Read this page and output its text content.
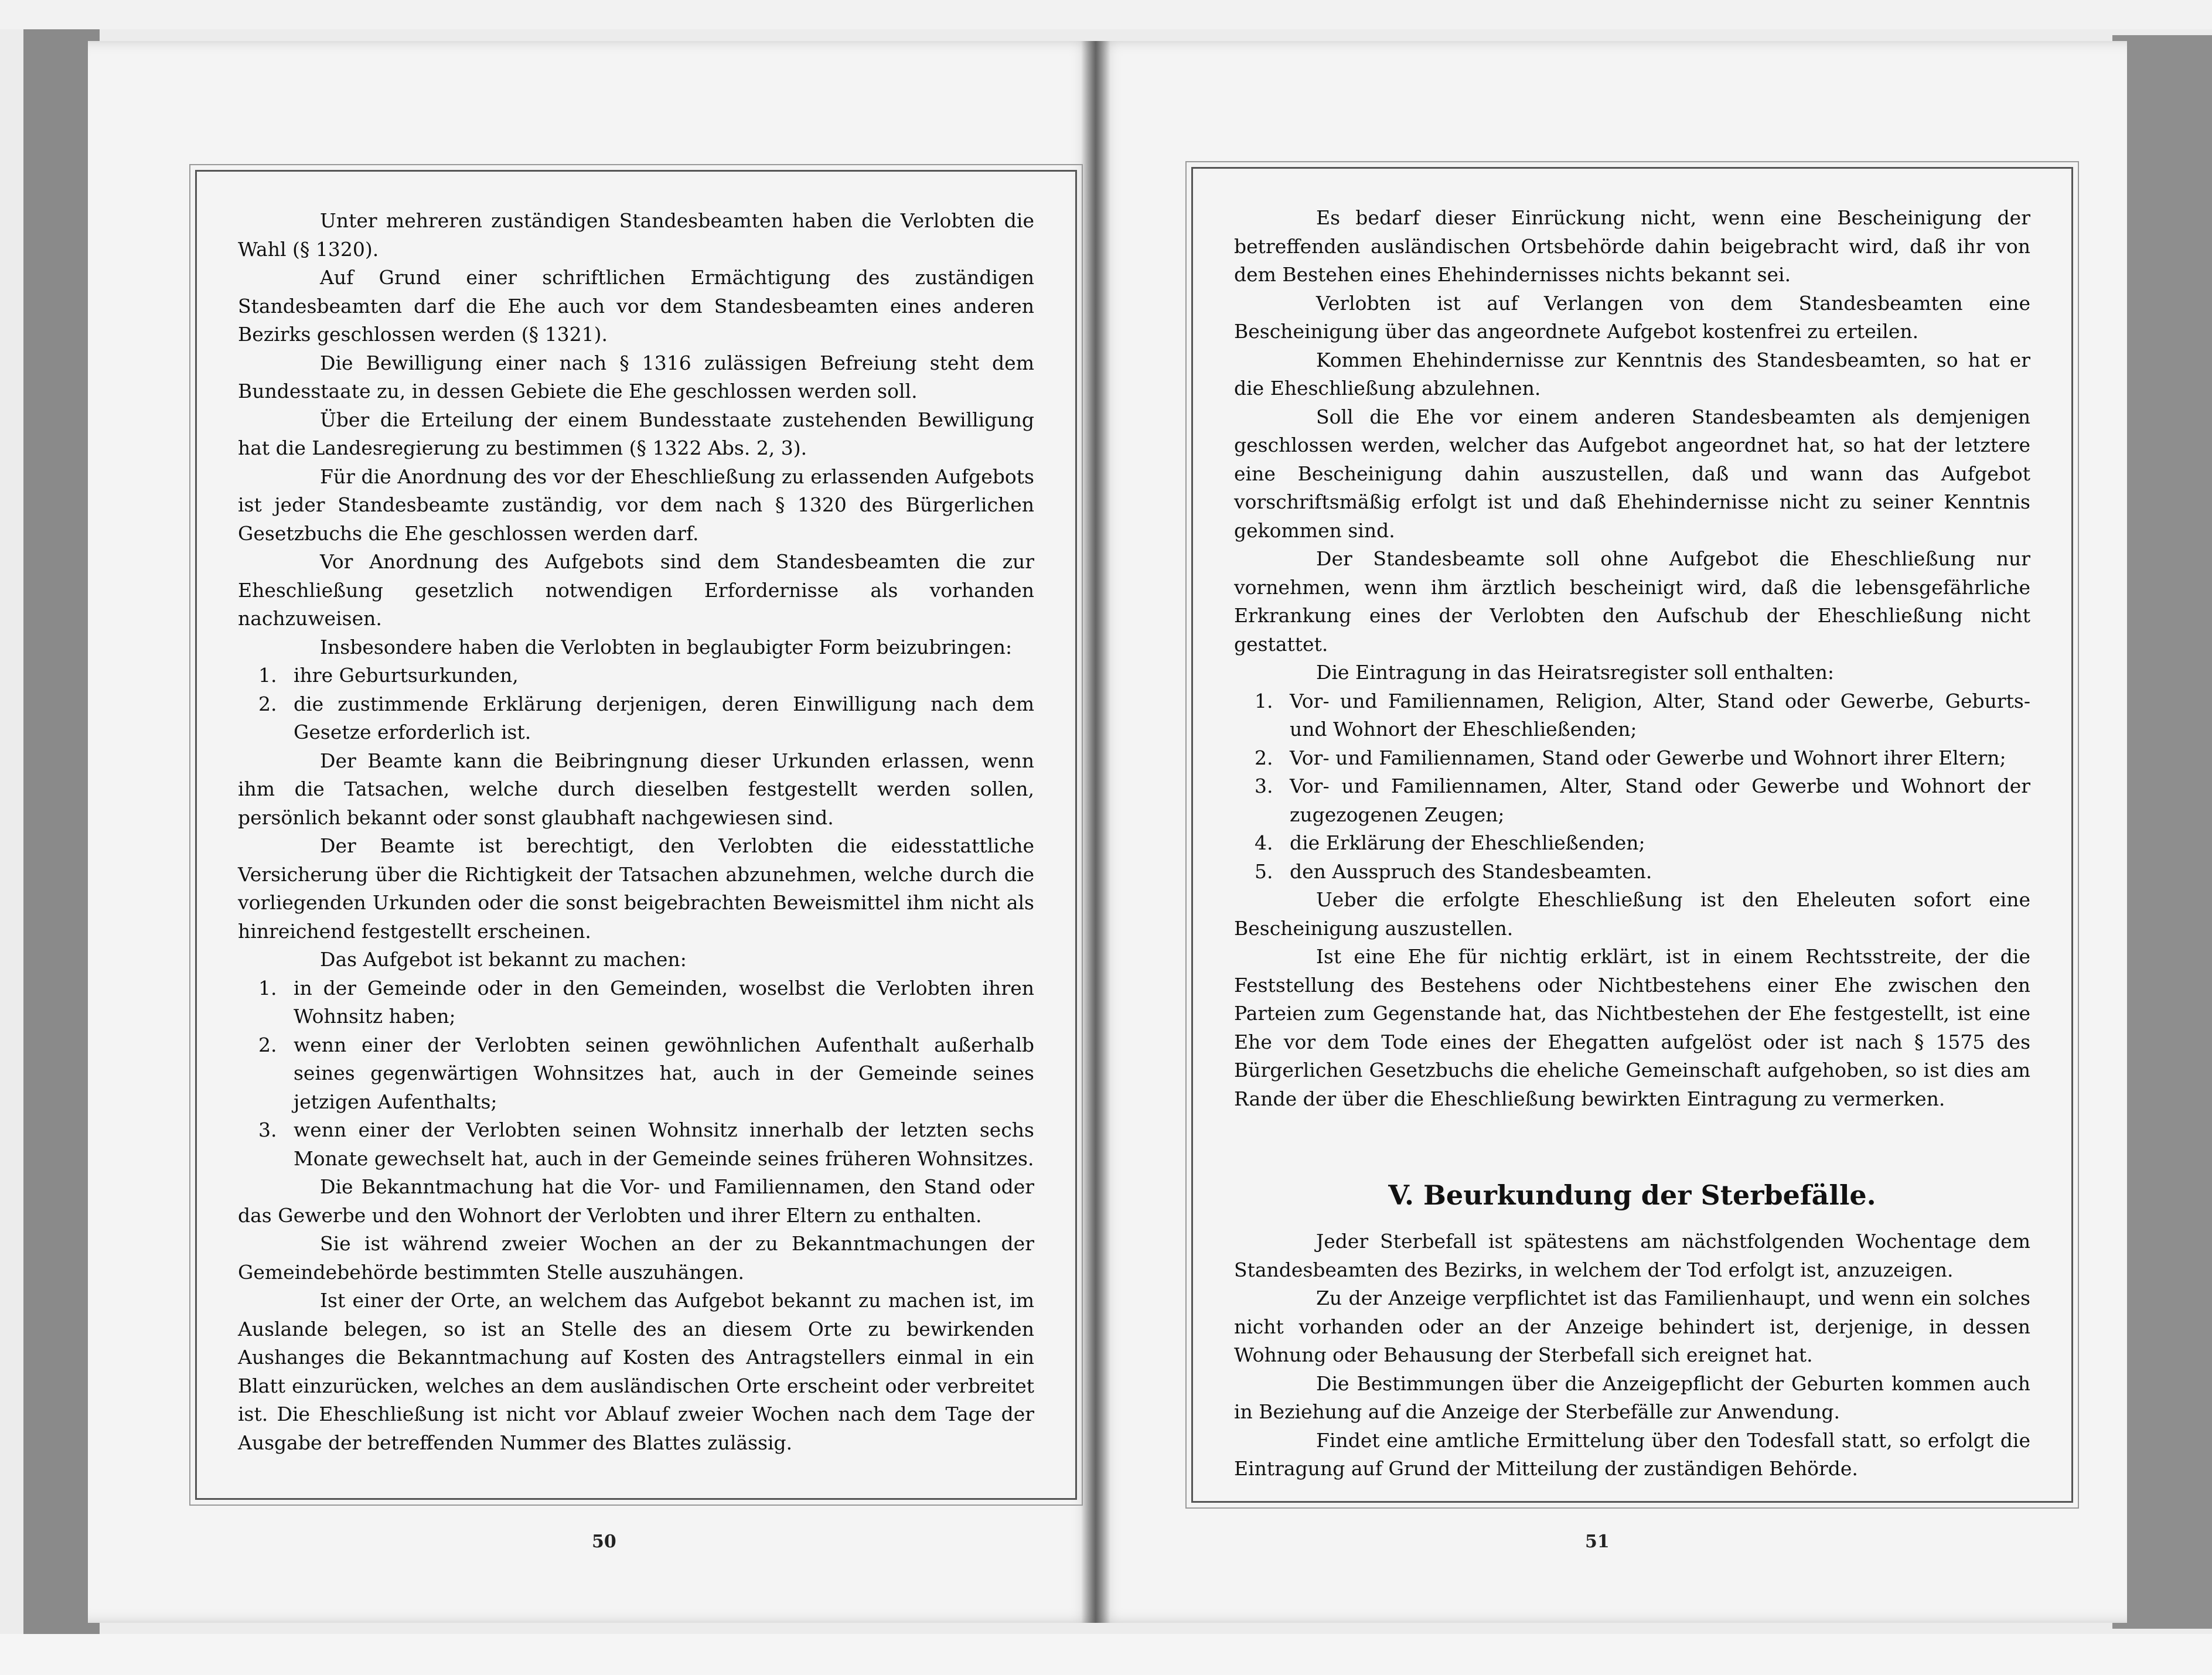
Unter mehreren zuständigen Standesbeamten haben die Verlobten die Wahl (§ 1320).

Auf Grund einer schriftlichen Ermächtigung des zuständigen Standesbeamten darf die Ehe auch vor dem Standesbeamten eines anderen Bezirks geschlossen werden (§ 1321).

Die Bewilligung einer nach § 1316 zulässigen Befreiung steht dem Bundesstaate zu, in dessen Gebiete die Ehe geschlossen werden soll.

Über die Erteilung der einem Bundesstaate zustehenden Bewilligung hat die Landesregierung zu bestimmen (§ 1322 Abs. 2, 3).

Für die Anordnung des vor der Eheschließung zu erlassenden Aufgebots ist jeder Standesbeamte zuständig, vor dem nach § 1320 des Bürgerlichen Gesetzbuchs die Ehe geschlossen werden darf.

Vor Anordnung des Aufgebots sind dem Standesbeamten die zur Eheschließung gesetzlich notwendigen Erfordernisse als vorhanden nachzuweisen.

Insbesondere haben die Verlobten in beglaubigter Form beizubringen:

1. ihre Geburtsurkunden,

2. die zustimmende Erklärung derjenigen, deren Einwilligung nach dem Gesetze erforderlich ist.

Der Beamte kann die Beibringnung dieser Urkunden erlassen, wenn ihm die Tatsachen, welche durch dieselben festgestellt werden sollen, persönlich bekannt oder sonst glaubhaft nachgewiesen sind.

Der Beamte ist berechtigt, den Verlobten die eidesstattliche Versicherung über die Richtigkeit der Tatsachen abzunehmen, welche durch die vorliegenden Urkunden oder die sonst beigebrachten Beweismittel ihm nicht als hinreichend festgestellt erscheinen.

Das Aufgebot ist bekannt zu machen:

1. in der Gemeinde oder in den Gemeinden, woselbst die Verlobten ihren Wohnsitz haben;

2. wenn einer der Verlobten seinen gewöhnlichen Aufenthalt außerhalb seines gegenwärtigen Wohnsitzes hat, auch in der Gemeinde seines jetzigen Aufenthalts;

3. wenn einer der Verlobten seinen Wohnsitz innerhalb der letzten sechs Monate gewechselt hat, auch in der Gemeinde seines früheren Wohnsitzes.

Die Bekanntmachung hat die Vor- und Familiennamen, den Stand oder das Gewerbe und den Wohnort der Verlobten und ihrer Eltern zu enthalten.

Sie ist während zweier Wochen an der zu Bekanntmachungen der Gemeindebehörde bestimmten Stelle auszuhängen.

Ist einer der Orte, an welchem das Aufgebot bekannt zu machen ist, im Auslande belegen, so ist an Stelle des an diesem Orte zu bewirkenden Aushanges die Bekanntmachung auf Kosten des Antragstellers einmal in ein Blatt einzurücken, welches an dem ausländischen Orte erscheint oder verbreitet ist. Die Eheschließung ist nicht vor Ablauf zweier Wochen nach dem Tage der Ausgabe der betreffenden Nummer des Blattes zulässig.

Es bedarf dieser Einrückung nicht, wenn eine Bescheinigung der betreffenden ausländischen Ortsbehörde dahin beigebracht wird, daß ihr von dem Bestehen eines Ehehindernisses nichts bekannt sei.

Verlobten ist auf Verlangen von dem Standesbeamten eine Bescheinigung über das angeordnete Aufgebot kostenfrei zu erteilen.

Kommen Ehehindernisse zur Kenntnis des Standesbeamten, so hat er die Eheschließung abzulehnen.

Soll die Ehe vor einem anderen Standesbeamten als demjenigen geschlossen werden, welcher das Aufgebot angeordnet hat, so hat der letztere eine Bescheinigung dahin auszustellen, daß und wann das Aufgebot vorschriftsmäßig erfolgt ist und daß Ehehindernisse nicht zu seiner Kenntnis gekommen sind.

Der Standesbeamte soll ohne Aufgebot die Eheschließung nur vornehmen, wenn ihm ärztlich bescheinigt wird, daß die lebensgefährliche Erkrankung eines der Verlobten den Aufschub der Eheschließung nicht gestattet.

Die Eintragung in das Heiratsregister soll enthalten:

1. Vor- und Familiennamen, Religion, Alter, Stand oder Gewerbe, Geburts- und Wohnort der Eheschließenden;

2. Vor- und Familiennamen, Stand oder Gewerbe und Wohnort ihrer Eltern;

3. Vor- und Familiennamen, Alter, Stand oder Gewerbe und Wohnort der zugezogenen Zeugen;

4. die Erklärung der Eheschließenden;

5. den Ausspruch des Standesbeamten.

Ueber die erfolgte Eheschließung ist den Eheleuten sofort eine Bescheinigung auszustellen.

Ist eine Ehe für nichtig erklärt, ist in einem Rechtsstreite, der die Feststellung des Bestehens oder Nichtbestehens einer Ehe zwischen den Parteien zum Gegenstande hat, das Nichtbestehen der Ehe festgestellt, ist eine Ehe vor dem Tode eines der Ehegatten aufgelöst oder ist nach § 1575 des Bürgerlichen Gesetzbuchs die eheliche Gemeinschaft aufgehoben, so ist dies am Rande der über die Eheschließung bewirkten Eintragung zu vermerken.

V. Beurkundung der Sterbefälle.

Jeder Sterbefall ist spätestens am nächstfolgenden Wochentage dem Standesbeamten des Bezirks, in welchem der Tod erfolgt ist, anzuzeigen.

Zu der Anzeige verpflichtet ist das Familienhaupt, und wenn ein solches nicht vorhanden oder an der Anzeige behindert ist, derjenige, in dessen Wohnung oder Behausung der Sterbefall sich ereignet hat.

Die Bestimmungen über die Anzeigepflicht der Geburten kommen auch in Beziehung auf die Anzeige der Sterbefälle zur Anwendung.

Findet eine amtliche Ermittelung über den Todesfall statt, so erfolgt die Eintragung auf Grund der Mitteilung der zuständigen Behörde.

50	51
